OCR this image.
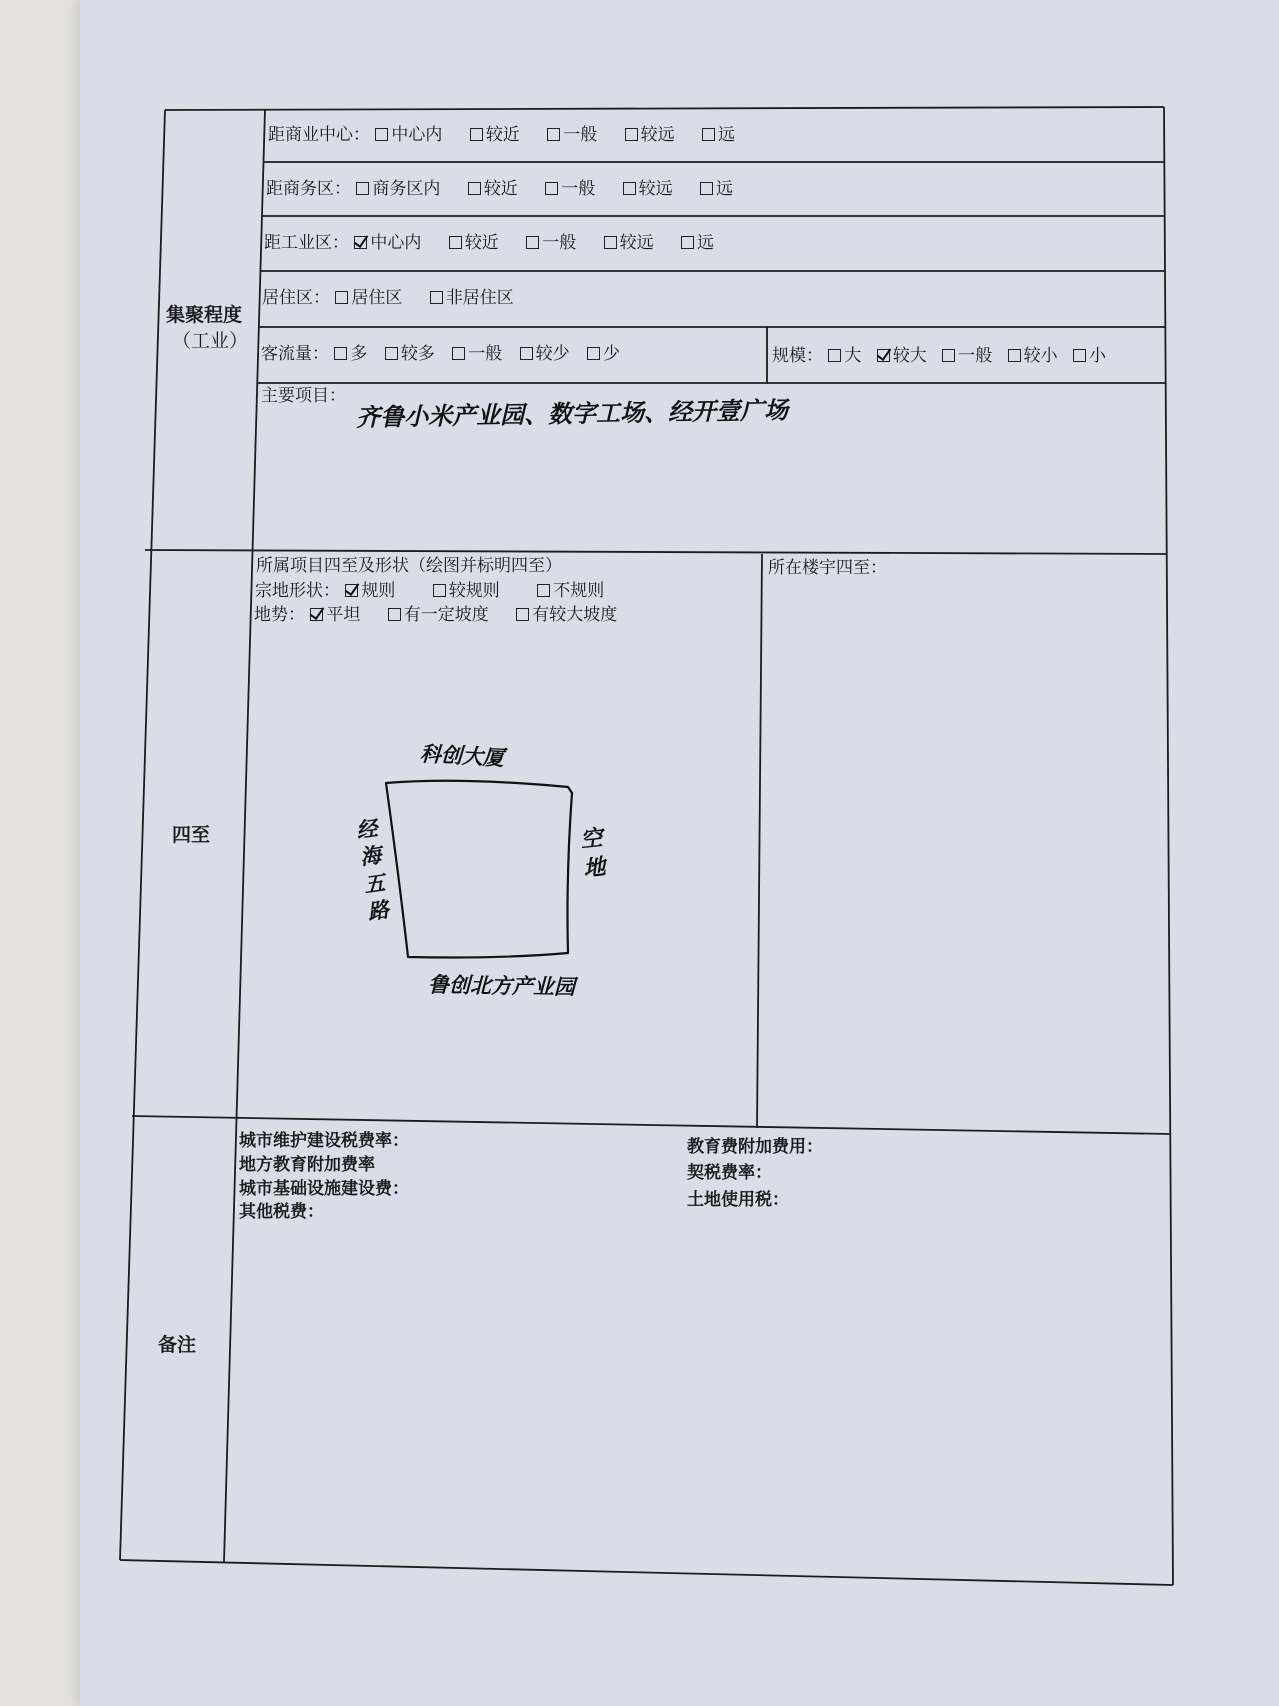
集聚程度
（工业）
四至
备注
距商业中心： 中心内	较近	一般	较远	远
距商务区： 商务区内	较近	一般	较远	远
距工业区： 中心内	较近	一般	较远	远
居住区： 居住区	非居住区
客流量： 多 较多 一般 较少 少	规模： 大 较大 一般 较小 小
主要项目： 齐鲁小米产业园、数字工场、经开壹广场
所属项目四至及形状（绘图并标明四至）
宗地形状： 规则	较规则	不规则
地势： 平坦	有一定坡度	有较大坡度
所在楼宇四至：
科创大厦
鲁创北方产业园
经海五路
空地
城市维护建设税费率：
地方教育附加费率
城市基础设施建设费：
其他税费：
教育费附加费用：
契税费率：
土地使用税：
